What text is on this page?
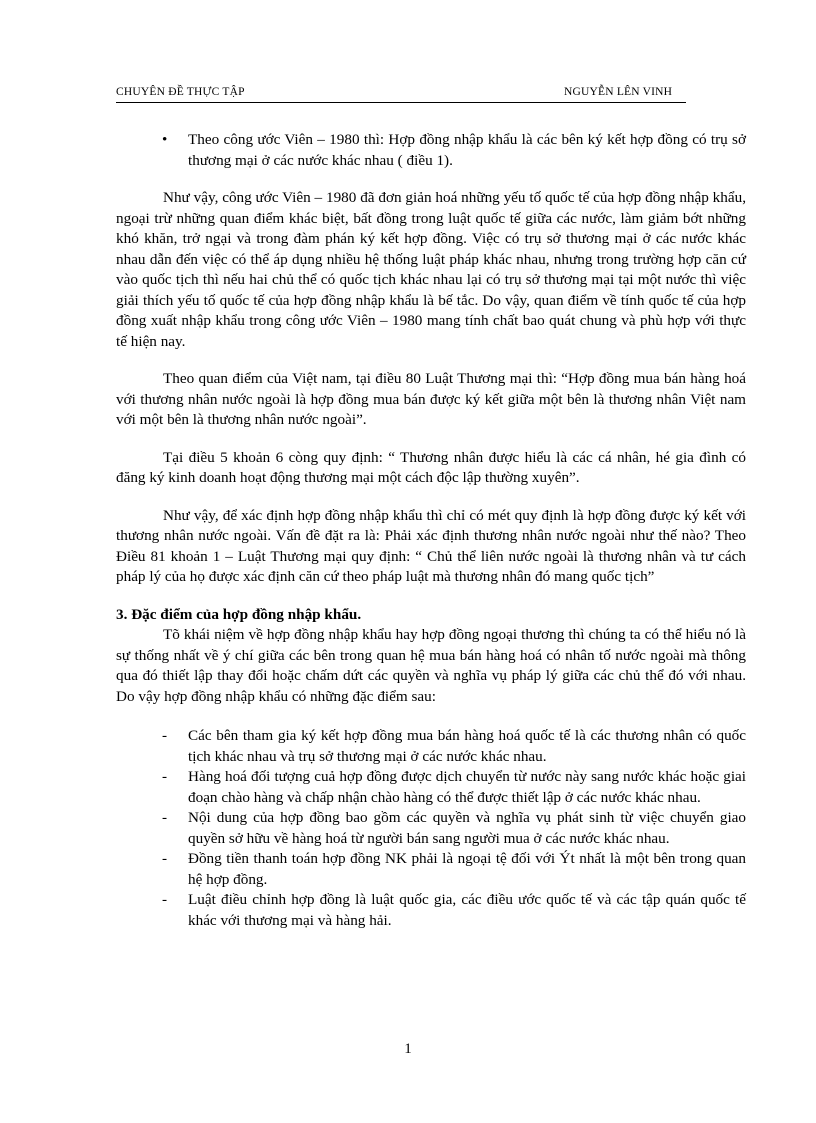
CHUYÊN ĐỀ THỰC TẬP	NGUYỄN LÊN VINH

• Theo công ước Viên – 1980 thì: Hợp đồng nhập khẩu là các bên ký kết hợp đồng có trụ sở thương mại ở các nước khác nhau ( điều 1).

Như vậy, công ước Viên – 1980 đã đơn giản hoá những yếu tố quốc tế của hợp đồng nhập khẩu, ngoại trừ những quan điểm khác biệt, bất đồng trong luật quốc tế giữa các nước, làm giảm bớt những khó khăn, trở ngại và trong đàm phán ký kết hợp đồng. Việc có trụ sở thương mại ở các nước khác nhau dẫn đến việc có thể áp dụng nhiều hệ thống luật pháp khác nhau, nhưng trong trường hợp căn cứ vào quốc tịch thì nếu hai chủ thể có quốc tịch khác nhau lại có trụ sở thương mại tại một nước thì việc giải thích yếu tố quốc tế của hợp đồng nhập khẩu là bế tắc. Do vậy, quan điểm về tính quốc tế của hợp đồng xuất nhập khẩu trong công ước Viên – 1980 mang tính chất bao quát chung và phù hợp với thực tế hiện nay.

Theo quan điểm của Việt nam, tại điều 80 Luật Thương mại thì: “Hợp đồng mua bán hàng hoá với thương nhân nước ngoài là hợp đồng mua bán được ký kết giữa một bên là thương nhân Việt nam với một bên là thương nhân nước ngoài”.

Tại điều 5 khoản 6 còng quy định: “ Thương nhân được hiểu là các cá nhân, hé gia đình có đăng ký kinh doanh hoạt động thương mại một cách độc lập thường xuyên”.

Như vậy, để xác định hợp đồng nhập khẩu thì chỉ có mét quy định là hợp đồng được ký kết với thương nhân nước ngoài. Vấn đề đặt ra là: Phải xác định thương nhân nước ngoài như thế nào? Theo Điều 81 khoản 1 – Luật Thương mại quy định: “ Chủ thể liên nước ngoài là thương nhân và tư cách pháp lý của họ được xác định căn cứ theo pháp luật mà thương nhân đó mang quốc tịch”

3. Đặc điểm của hợp đồng nhập khẩu.

Tõ khái niệm về hợp đồng nhập khẩu hay hợp đồng ngoại thương thì chúng ta có thể hiểu nó là sự thống nhất về ý chí giữa các bên trong quan hệ mua bán hàng hoá có nhân tố nước ngoài mà thông qua đó thiết lập thay đổi hoặc chấm dứt các quyền và nghĩa vụ pháp lý giữa các chủ thể đó với nhau. Do vậy hợp đồng nhập khẩu có những đặc điểm sau:

- Các bên tham gia ký kết hợp đồng mua bán hàng hoá quốc tế là các thương nhân có quốc tịch khác nhau và trụ sở thương mại ở các nước khác nhau.

- Hàng hoá đối tượng cuả hợp đồng được dịch chuyển từ nước này sang nước khác hoặc giai đoạn chào hàng và chấp nhận chào hàng có thể được thiết lập ở các nước khác nhau.

- Nội dung của hợp đồng bao gồm các quyền và nghĩa vụ phát sinh từ việc chuyển giao quyền sở hữu về hàng hoá từ người bán sang người mua ở các nước khác nhau.

- Đồng tiền thanh toán hợp đồng NK phải là ngoại tệ đối với Ýt nhất là một bên trong quan hệ hợp đồng.

- Luật điều chỉnh hợp đồng là luật quốc gia, các điều ước quốc tế và các tập quán quốc tế khác với thương mại và hàng hải.

1
